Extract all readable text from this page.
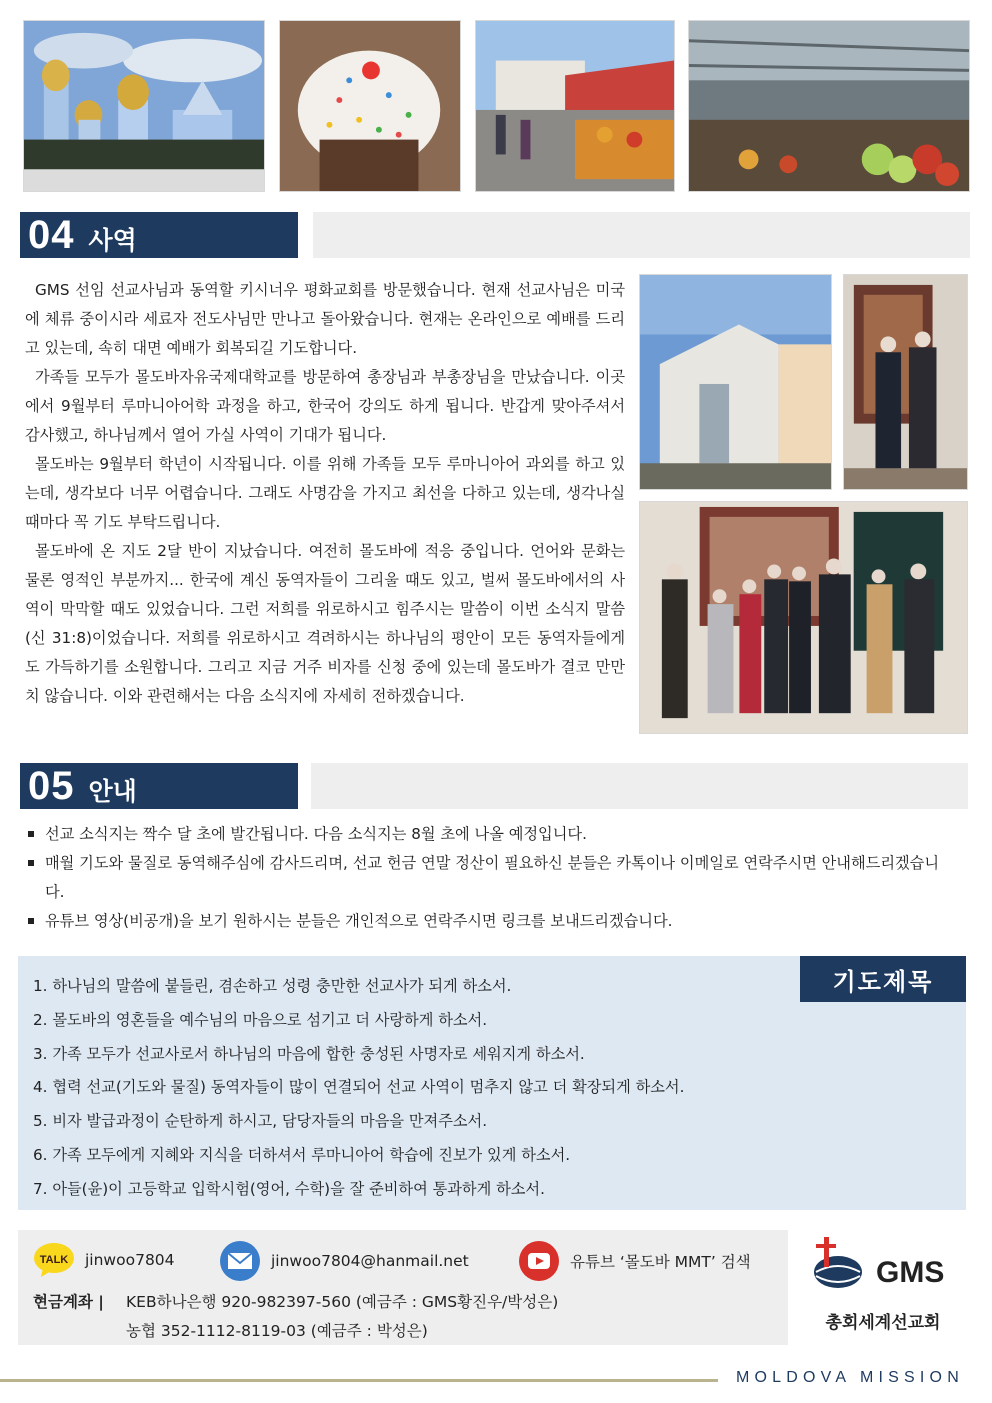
04 사역

GMS 선임 선교사님과 동역할 키시너우 평화교회를 방문했습니다. 현재 선교사님은 미국에 체류 중이시라 세료자 전도사님만 만나고 돌아왔습니다. 현재는 온라인으로 예배를 드리고 있는데, 속히 대면 예배가 회복되길 기도합니다.

가족들 모두가 몰도바자유국제대학교를 방문하여 총장님과 부총장님을 만났습니다. 이곳에서 9월부터 루마니아어학 과정을 하고, 한국어 강의도 하게 됩니다. 반갑게 맞아주셔서 감사했고, 하나님께서 열어 가실 사역이 기대가 됩니다.

몰도바는 9월부터 학년이 시작됩니다. 이를 위해 가족들 모두 루마니아어 과외를 하고 있는데, 생각보다 너무 어렵습니다. 그래도 사명감을 가지고 최선을 다하고 있는데, 생각나실 때마다 꼭 기도 부탁드립니다.

몰도바에 온 지도 2달 반이 지났습니다. 여전히 몰도바에 적응 중입니다. 언어와 문화는 물론 영적인 부분까지... 한국에 계신 동역자들이 그리울 때도 있고, 벌써 몰도바에서의 사역이 막막할 때도 있었습니다. 그런 저희를 위로하시고 힘주시는 말씀이 이번 소식지 말씀(신 31:8)이었습니다. 저희를 위로하시고 격려하시는 하나님의 평안이 모든 동역자들에게도 가득하기를 소원합니다. 그리고 지금 거주 비자를 신청 중에 있는데 몰도바가 결코 만만치 않습니다. 이와 관련해서는 다음 소식지에 자세히 전하겠습니다.

05 안내
선교 소식지는 짝수 달 초에 발간됩니다. 다음 소식지는 8월 초에 나올 예정입니다.
매월 기도와 물질로 동역해주심에 감사드리며, 선교 헌금 연말 정산이 필요하신 분들은 카톡이나 이메일로 연락주시면 안내해드리겠습니다.
유튜브 영상(비공개)을 보기 원하시는 분들은 개인적으로 연락주시면 링크를 보내드리겠습니다.
기도제목
1. 하나님의 말씀에 붙들린, 겸손하고 성령 충만한 선교사가 되게 하소서.
2. 몰도바의 영혼들을 예수님의 마음으로 섬기고 더 사랑하게 하소서.
3. 가족 모두가 선교사로서 하나님의 마음에 합한 충성된 사명자로 세워지게 하소서.
4. 협력 선교(기도와 물질) 동역자들이 많이 연결되어 선교 사역이 멈추지 않고 더 확장되게 하소서.
5. 비자 발급과정이 순탄하게 하시고, 담당자들의 마음을 만져주소서.
6. 가족 모두에게 지혜와 지식을 더하셔서 루마니아어 학습에 진보가 있게 하소서.
7. 아들(윤)이 고등학교 입학시험(영어, 수학)을 잘 준비하여 통과하게 하소서.
TALK jinwoo7804	jinwoo7804@hanmail.net	유튜브 ‘몰도바 MMT’ 검색
현금계좌 | KEB하나은행 920-982397-560 (예금주 : GMS황진우/박성은)
농협 352-1112-8119-03 (예금주 : 박성은)
GMS
총회세계선교회
MOLDOVA MISSION
